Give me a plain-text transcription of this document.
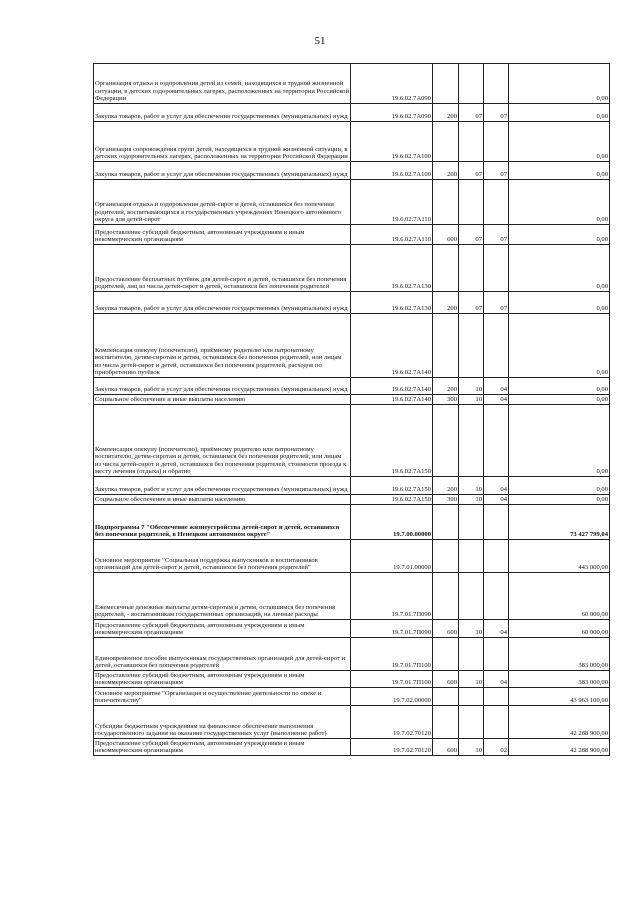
51
Организация отдыха и оздоровления детей из семей, находящихся в трудной жизненной ситуации, в детских оздоровительных лагерях, расположенных на территории Российской Федерации	19.6.02.7А090				0,00
Закупка товаров, работ и услуг для обеспечения государственных (муниципальных) нужд	19.6.02.7А090	200	07	07	0,00
Организация сопровождения групп детей, находящихся в трудной жизненной ситуации, в детских оздоровительных лагерях, расположенных на территории Российской Федерации	19.6.02.7А100				0,00
Закупка товаров, работ и услуг для обеспечения государственных (муниципальных) нужд	19.6.02.7А100	200	07	07	0,00
Организация отдыха и оздоровления детей-сирот и детей, оставшихся без попечения родителей, воспитывающихся в государственных учреждениях Ненецкого автономного округа для детей-сирот	19.6.02.7А110				0,00
Предоставление субсидий бюджетным, автономным учреждениям и иным некоммерческим организациям	19.6.02.7А110	600	07	07	0,00
Предоставление бесплатных путёвок для детей-сирот и детей, оставшихся без попечения родителей, лиц из числа детей-сирот и детей, оставшихся без попечения родителей	19.6.02.7А130				0,00
Закупка товаров, работ и услуг для обеспечения государственных (муниципальных) нужд	19.6.02.7А130	200	07	07	0,00
Компенсация опекуну (попечителю), приёмному родителю или патронатному воспитателю, детям-сиротам и детям, оставшимся без попечения родителей, или лицам из числа детей-сирот и детей, оставшихся без попечения родителей, расходов по приобретению путёвок	19.6.02.7А140				0,00
Закупка товаров, работ и услуг для обеспечения государственных (муниципальных) нужд	19.6.02.7А140	200	10	04	0,00
Социальное обеспечение и иные выплаты населению	19.6.02.7А140	300	10	04	0,00
Компенсация опекуну (попечителю), приёмному родителю или патронатному воспитателю, детям-сиротам и детям, оставшимся без попечения родителей, или лицам из числа детей-сирот и детей, оставшихся без попечения родителей, стоимости проезда к месту лечения (отдыха) и обратно	19.6.02.7А150				0,00
Закупка товаров, работ и услуг для обеспечения государственных (муниципальных) нужд	19.6.02.7А150	200	10	04	0,00
Социальное обеспечение и иные выплаты населению	19.6.02.7А150	300	10	04	0,00
Подпрограмма 7 "Обеспечение жизнеустройства детей-сирот и детей, оставшихся без попечения родителей, в Ненецком автономном округе"	19.7.00.00000				73 427 799,04
Основное мероприятие "Социальная поддержка выпускников и воспитанников организаций для детей-сирот и детей, оставшихся без попечения родителей"	19.7.01.00000				443 000,00
Ежемесячные денежные выплаты детям-сиротам и детям, оставшимся без попечения родителей, - воспитанникам государственных организаций, на личные расходы	19.7.01.7П090				60 000,00
Предоставление субсидий бюджетным, автономным учреждениям и иным некоммерческим организациям	19.7.01.7П090	600	10	04	60 000,00
Единовременное пособие выпускникам государственных организаций для детей-сирот и детей, оставшихся без попечения родителей	19.7.01.7П100				383 000,00
Предоставление субсидий бюджетным, автономным учреждениям и иным некоммерческим организациям	19.7.01.7П100	600	10	04	383 000,00
Основное мероприятие "Организация и осуществление деятельности по опеке и попечительству"	19.7.02.00000				43 963 100,00
Субсидии бюджетным учреждениям на финансовое обеспечение выполнения государственного задания на оказание государственных услуг (выполнение работ)	19.7.02.70120				42 288 900,00
Предоставление субсидий бюджетным, автономным учреждениям и иным некоммерческим организациям	19.7.02.70120	600	10	02	42 288 900,00
